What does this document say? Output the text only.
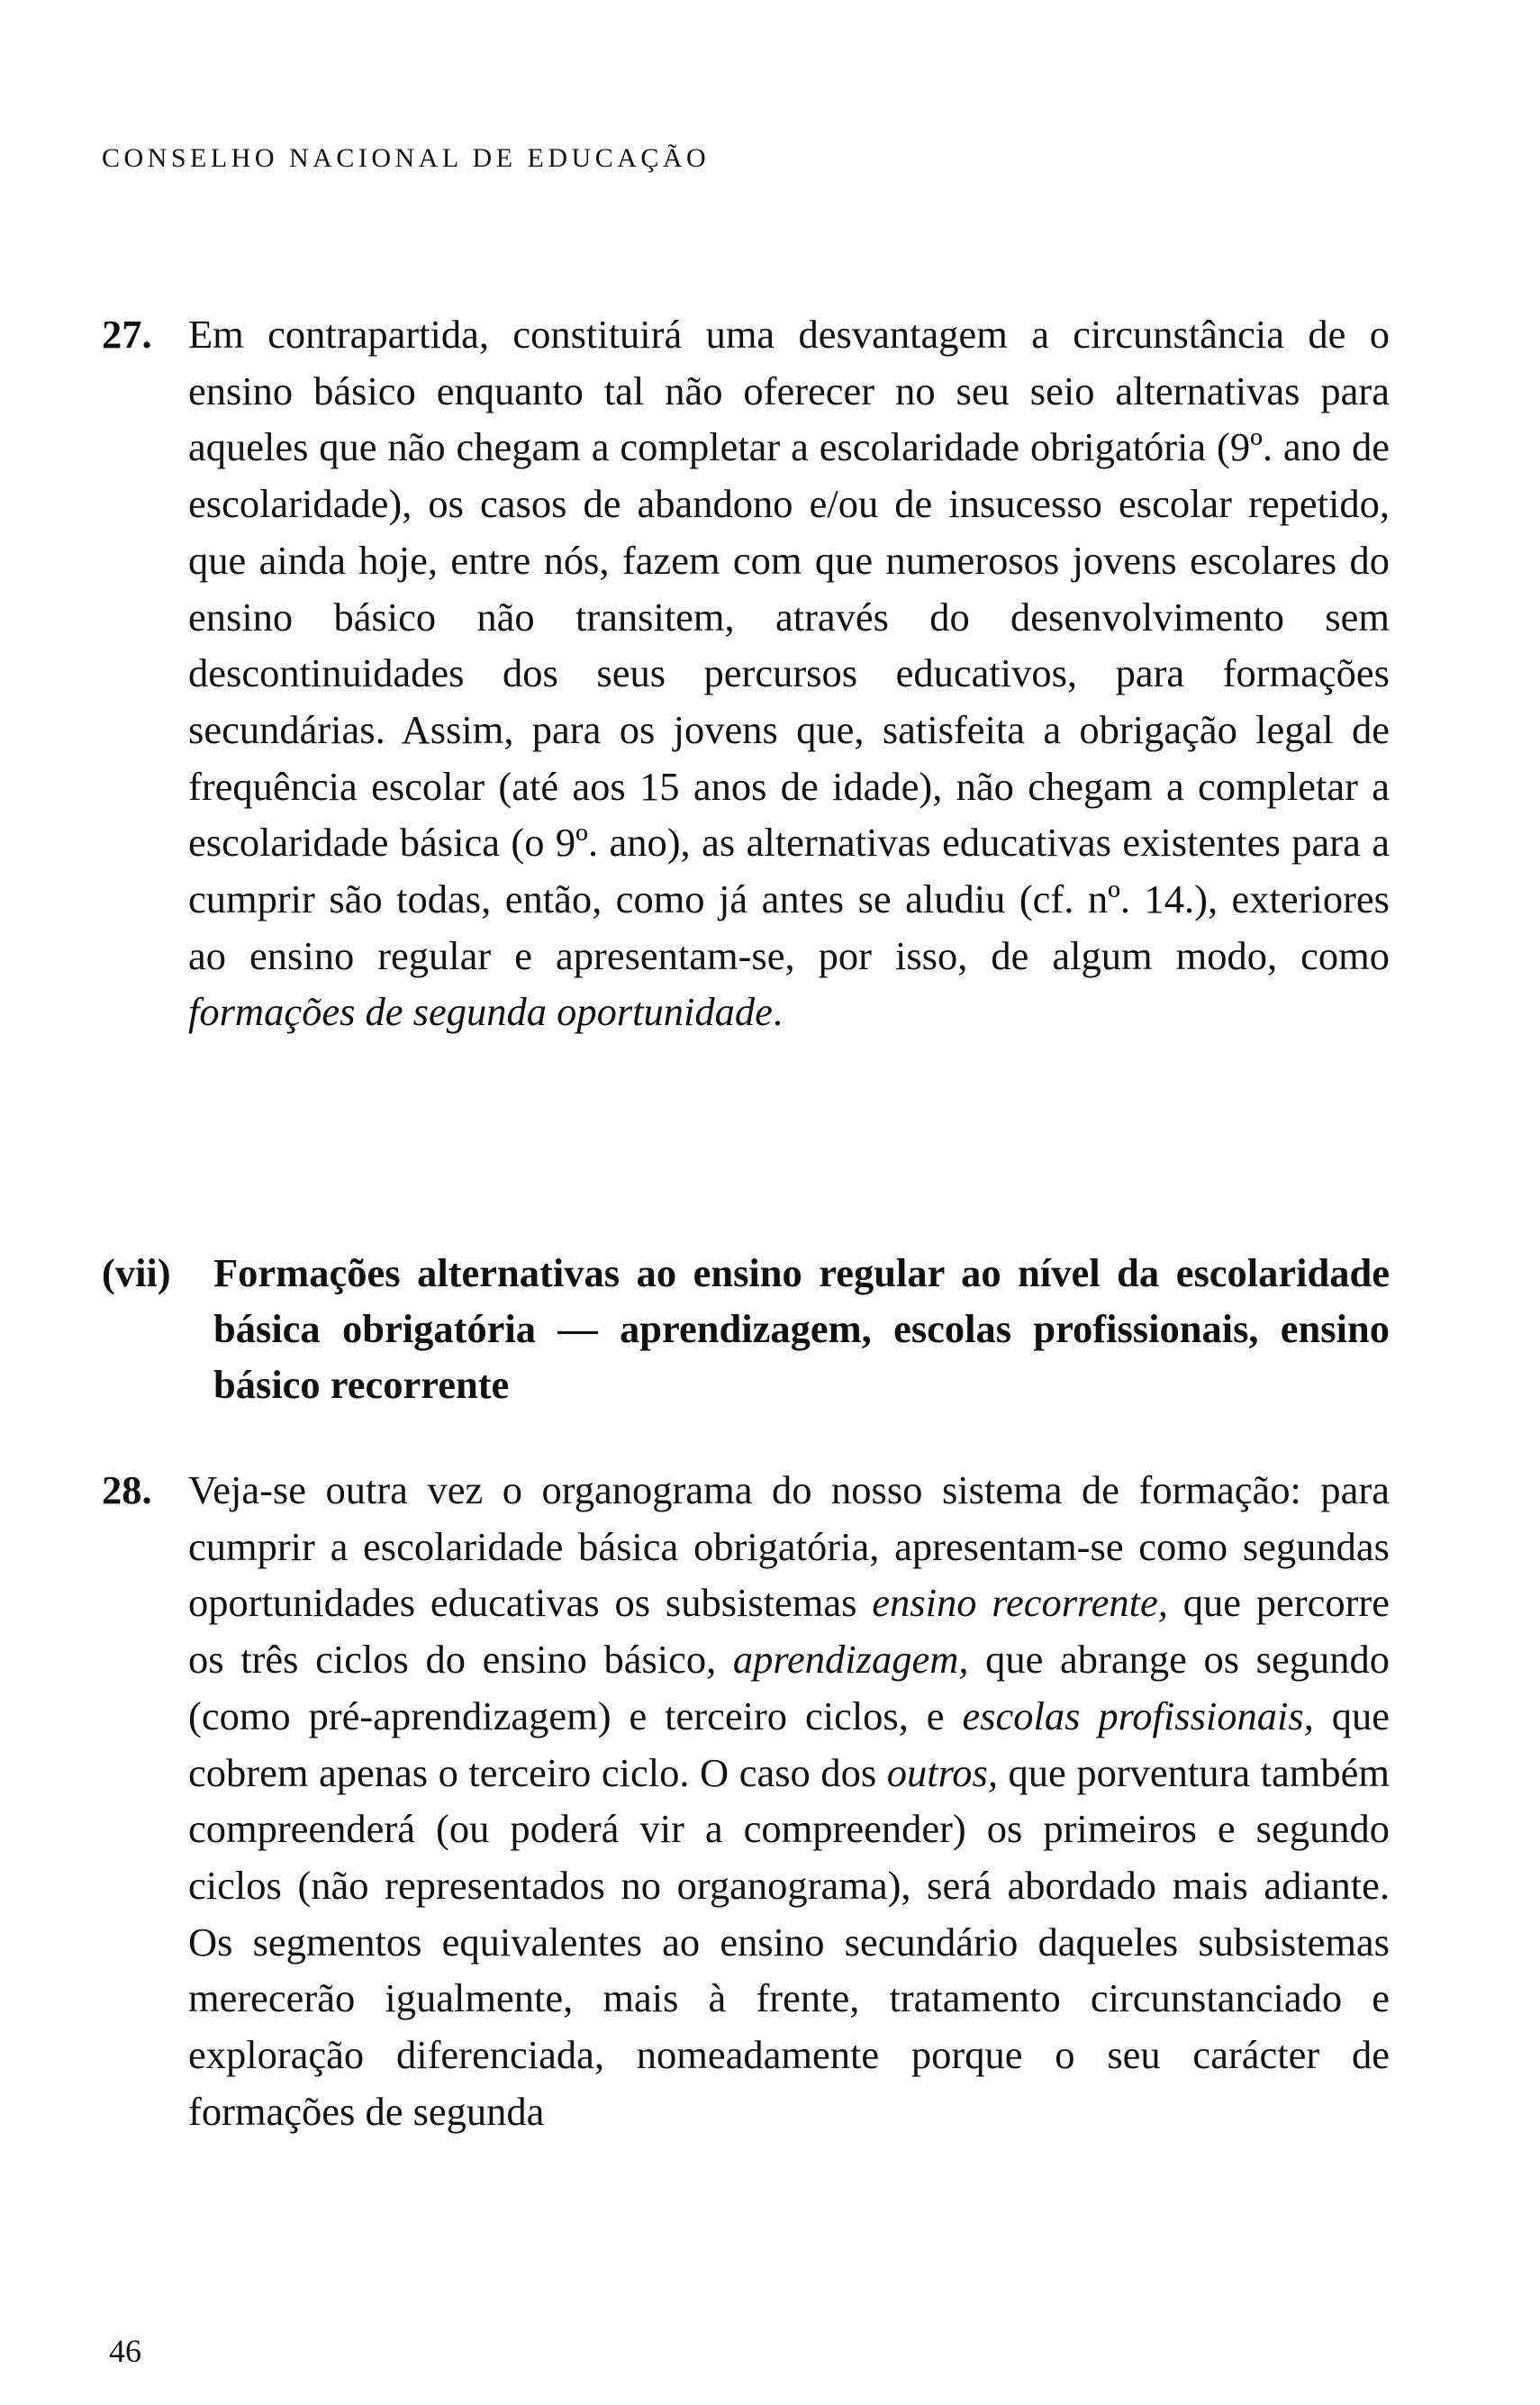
CONSELHO NACIONAL DE EDUCAÇÃO
27. Em contrapartida, constituirá uma desvantagem a circunstância de o ensino básico enquanto tal não oferecer no seu seio alternativas para aqueles que não chegam a completar a escolaridade obrigatória (9º. ano de escolaridade), os casos de abandono e/ou de insucesso escolar repetido, que ainda hoje, entre nós, fazem com que numerosos jovens escolares do ensino básico não transitem, através do desenvolvimento sem descontinuidades dos seus percursos educativos, para formações secundárias. Assim, para os jovens que, satisfeita a obrigação legal de frequência escolar (até aos 15 anos de idade), não chegam a completar a escolaridade básica (o 9º. ano), as alternativas educativas existentes para a cumprir são todas, então, como já antes se aludiu (cf. nº. 14.), exteriores ao ensino regular e apresentam-se, por isso, de algum modo, como formações de segunda oportunidade.
(vii) Formações alternativas ao ensino regular ao nível da escolaridade básica obrigatória — aprendizagem, escolas profissionais, ensino básico recorrente
28. Veja-se outra vez o organograma do nosso sistema de formação: para cumprir a escolaridade básica obrigatória, apresentam-se como segundas oportunidades educativas os subsistemas ensino recorrente, que percorre os três ciclos do ensino básico, aprendizagem, que abrange os segundo (como pré-aprendizagem) e terceiro ciclos, e escolas profissionais, que cobrem apenas o terceiro ciclo. O caso dos outros, que porventura também compreenderá (ou poderá vir a compreender) os primeiros e segundo ciclos (não representados no organograma), será abordado mais adiante. Os segmentos equivalentes ao ensino secundário daqueles subsistemas merecerão igualmente, mais à frente, tratamento circunstanciado e exploração diferenciada, nomeadamente porque o seu carácter de formações de segunda
46
